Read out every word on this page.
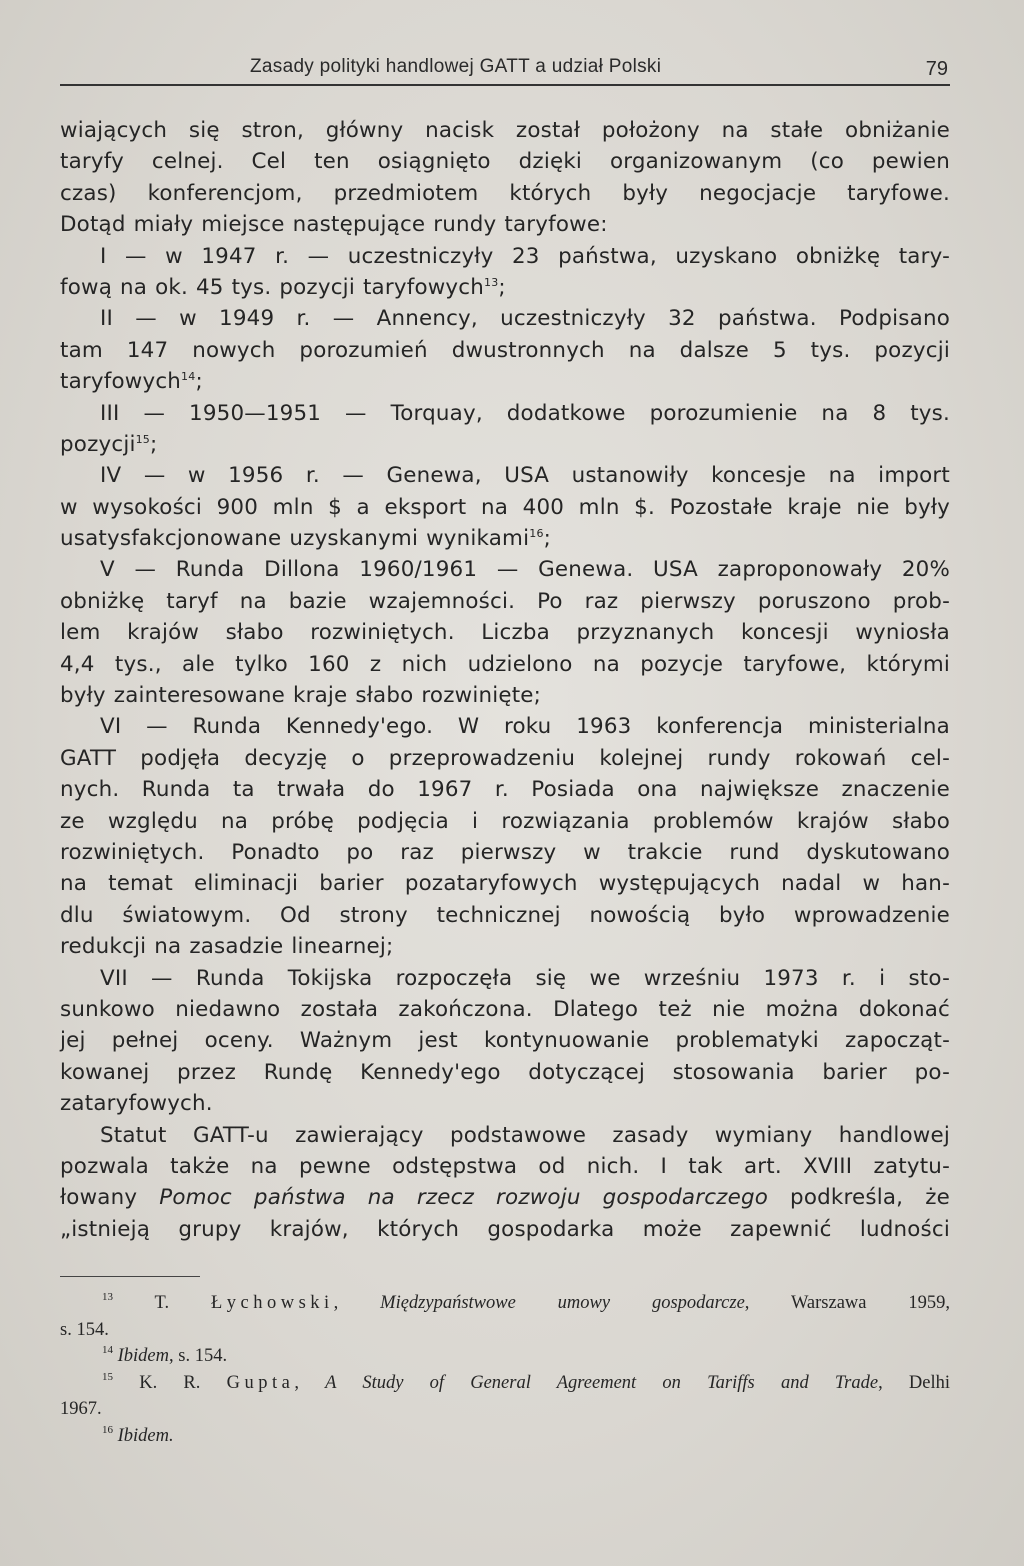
Zasady polityki handlowej GATT a udział Polski	79
wiających się stron, główny nacisk został położony na stałe obniżanie
taryfy celnej. Cel ten osiągnięto dzięki organizowanym (co pewien
czas) konferencjom, przedmiotem których były negocjacje taryfowe.
Dotąd miały miejsce następujące rundy taryfowe:
I — w 1947 r. — uczestniczyły 23 państwa, uzyskano obniżkę tary-
fową na ok. 45 tys. pozycji taryfowych$^{13}$;
II — w 1949 r. — Annency, uczestniczyły 32 państwa. Podpisano
tam 147 nowych porozumień dwustronnych na dalsze 5 tys. pozycji
taryfowych$^{14}$;
III — 1950—1951 — Torquay, dodatkowe porozumienie na 8 tys.
pozycji$^{15}$;
IV — w 1956 r. — Genewa, USA ustanowiły koncesje na import
w wysokości 900 mln $ a eksport na 400 mln $. Pozostałe kraje nie były
usatysfakcjonowane uzyskanymi wynikami$^{16}$;
V — Runda Dillona 1960/1961 — Genewa. USA zaproponowały 20%
obniżkę taryf na bazie wzajemności. Po raz pierwszy poruszono prob-
lem krajów słabo rozwiniętych. Liczba przyznanych koncesji wyniosła
4,4 tys., ale tylko 160 z nich udzielono na pozycje taryfowe, którymi
były zainteresowane kraje słabo rozwinięte;
VI — Runda Kennedy'ego. W roku 1963 konferencja ministerialna
GATT podjęła decyzję o przeprowadzeniu kolejnej rundy rokowań cel-
nych. Runda ta trwała do 1967 r. Posiada ona największe znaczenie
ze względu na próbę podjęcia i rozwiązania problemów krajów słabo
rozwiniętych. Ponadto po raz pierwszy w trakcie rund dyskutowano
na temat eliminacji barier pozataryfowych występujących nadal w han-
dlu światowym. Od strony technicznej nowością było wprowadzenie
redukcji na zasadzie linearnej;
VII — Runda Tokijska rozpoczęła się we wrześniu 1973 r. i sto-
sunkowo niedawno została zakończona. Dlatego też nie można dokonać
jej pełnej oceny. Ważnym jest kontynuowanie problematyki zapocząt-
kowanej przez Rundę Kennedy'ego dotyczącej stosowania barier po-
zataryfowych.
Statut GATT-u zawierający podstawowe zasady wymiany handlowej
pozwala także na pewne odstępstwa od nich. I tak art. XVIII zatytu-
łowany Pomoc państwa na rzecz rozwoju gospodarczego podkreśla, że
„istnieją grupy krajów, których gospodarka może zapewnić ludności
$^{13}$ T. Łychowski, Międzypaństwowe umowy gospodarcze, Warszawa 1959,
s. 154.
$^{14}$ Ibidem, s. 154.
$^{15}$ K. R. Gupta, A Study of General Agreement on Tariffs and Trade, Delhi
1967.
$^{16}$ Ibidem.
